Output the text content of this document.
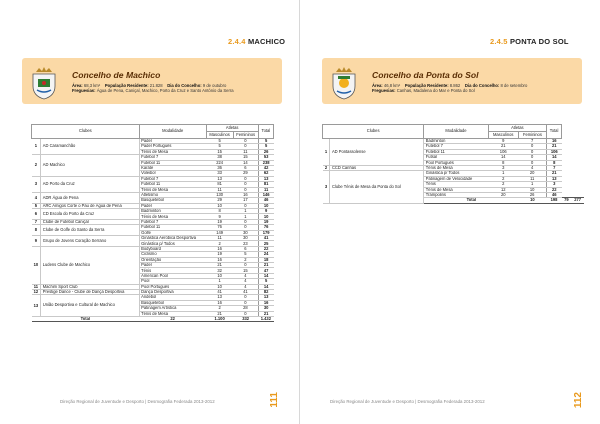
2.4.4 MACHICO
Concelho de Machico
Área: 68,3 km² População Residente: 21.828 Dia do Concelho: 9 de outubro
Freguesias: Água de Pena, Caniçal, Machico, Porto da Cruz e Santo António da Serra
Clubes		Modalidade	Atletas		Total
			Masculinos	Femininos	
1	AD Caramanchão	Padel	5	0	5
		Padel Português	5	0	5
		Ténis de Mesa	15	11	26
2	AD Machico	Futebol 7	38	15	53
		Futebol 11	224	14	238
		Karaté	36	6	42
		Voleibol	33	29	62
3	AD Porto da Cruz	Futebol 7	13	0	13
		Futebol 11	81	0	81
		Ténis de Mesa	11	0	11
4	ADR Água de Pena	Atletismo	130	16	146
		Basquetebol	29	17	46
5	ARC Amigos Corte o Pau de Água de Pena	Padel	10	0	10
6	CD Escola do Porto da Cruz	Badminton	8	1	9
		Ténis de Mesa	9	1	10
7	Clube de Futebol Caniçal	Futebol 7	19	0	19
8	Clube de Golfe do Santo da Serra	Futebol 11	76	0	76
		Golfe	149	30	179
9	Grupo de Jovens Coração Serrano	Ginástica Aeróbica Desportiva	11	30	41
		Ginástica p/ Todos	2	23	25
10	Ludens Clube de Machico	Bodyboard	16	6	22
		Ciclismo	19	5	24
		Orientação	16	2	18
		Padel	21	0	21
		Ténis	32	15	47
		American Pool	10	4	14
		Pool	1	4	5
11	Machim Sport Club	Pool Português	10	4	14
12	Prestige Dance - Clube de Dança Desportiva	Dança Desportiva	41	41	82
13	União Desportiva e Cultural de Machico	Andebol	13	0	13
		Basquetebol	16	0	16
		Patinagem Artística	2	28	30
		Ténis de Mesa	21	0	21
Total		22	1.100	332	1.432
Direção Regional de Juventude e Desporto | Desmografia Federada 2013-2012	111
2.4.5 PONTA DO SOL
Concelho da Ponta do Sol
Área: 46,8 km² População Residente: 8.862 Dia do Concelho: 8 de setembro
Freguesias: Canhas, Madalena do Mar e Ponta do Sol
Clubes		Modalidade	Atletas		Total		
			Masculinos	Femininos			
1	AD Pontassolense	Badminton	9	7	16		
		Futebol 7	21	0	21		
		Futebol 11	106	0	106		
		Futsal	14	0	14		
		Pool Português	8	0	8		
2	CCD Canhas	Ténis de Mesa	3	4	7		
3	Clube Ténis de Mesa da Ponta do Sol	Ginástica p/ Todos	1	20	21		
		Patinagem de Velocidade	2	11	13		
		Ténis	2	1	3		
		Ténis de Mesa	12	10	22		
		Trampolins	20	26	46		
		Total		10	198	79	277
Direção Regional de Juventude e Desporto | Desmografia Federada 2013-2012	112
